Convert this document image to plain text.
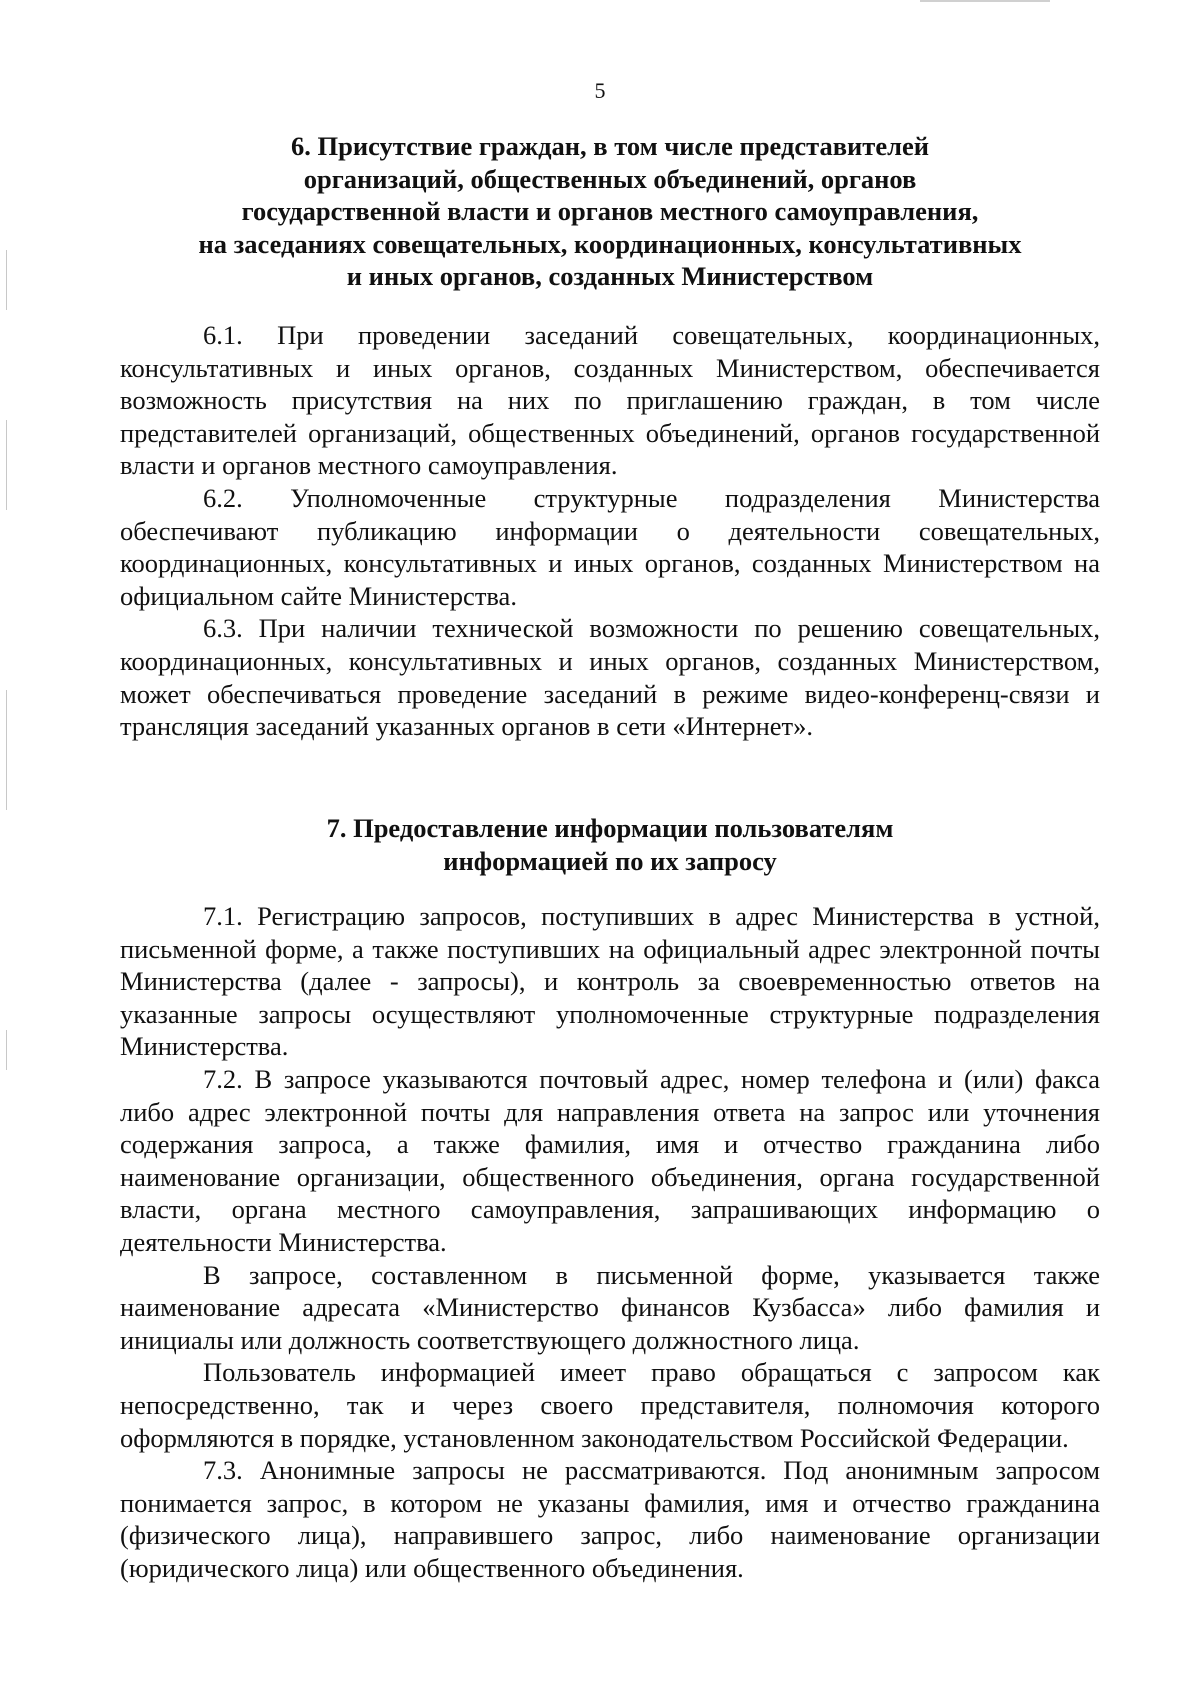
5
6. Присутствие граждан, в том числе представителей
организаций, общественных объединений, органов
государственной власти и органов местного самоуправления,
на заседаниях совещательных, координационных, консультативных
и иных органов, созданных Министерством

6.1. При проведении заседаний совещательных, координационных, консультативных и иных органов, созданных Министерством, обеспечивается возможность присутствия на них по приглашению граждан, в том числе представителей организаций, общественных объединений, органов государственной власти и органов местного самоуправления.

6.2. Уполномоченные структурные подразделения Министерства обеспечивают публикацию информации о деятельности совещательных, координационных, консультативных и иных органов, созданных Министерством на официальном сайте Министерства.

6.3. При наличии технической возможности по решению совещательных, координационных, консультативных и иных органов, созданных Министерством, может обеспечиваться проведение заседаний в режиме видео-конференц-связи и трансляция заседаний указанных органов в сети «Интернет».

7. Предоставление информации пользователям
информацией по их запросу

7.1. Регистрацию запросов, поступивших в адрес Министерства в устной, письменной форме, а также поступивших на официальный адрес электронной почты Министерства (далее - запросы), и контроль за своевременностью ответов на указанные запросы осуществляют уполномоченные структурные подразделения Министерства.

7.2. В запросе указываются почтовый адрес, номер телефона и (или) факса либо адрес электронной почты для направления ответа на запрос или уточнения содержания запроса, а также фамилия, имя и отчество гражданина либо наименование организации, общественного объединения, органа государственной власти, органа местного самоуправления, запрашивающих информацию о деятельности Министерства.

В запросе, составленном в письменной форме, указывается также наименование адресата «Министерство финансов Кузбасса» либо фамилия и инициалы или должность соответствующего должностного лица.

Пользователь информацией имеет право обращаться с запросом как непосредственно, так и через своего представителя, полномочия которого оформляются в порядке, установленном законодательством Российской Федерации.

7.3. Анонимные запросы не рассматриваются. Под анонимным запросом понимается запрос, в котором не указаны фамилия, имя и отчество гражданина (физического лица), направившего запрос, либо наименование организации (юридического лица) или общественного объединения.
